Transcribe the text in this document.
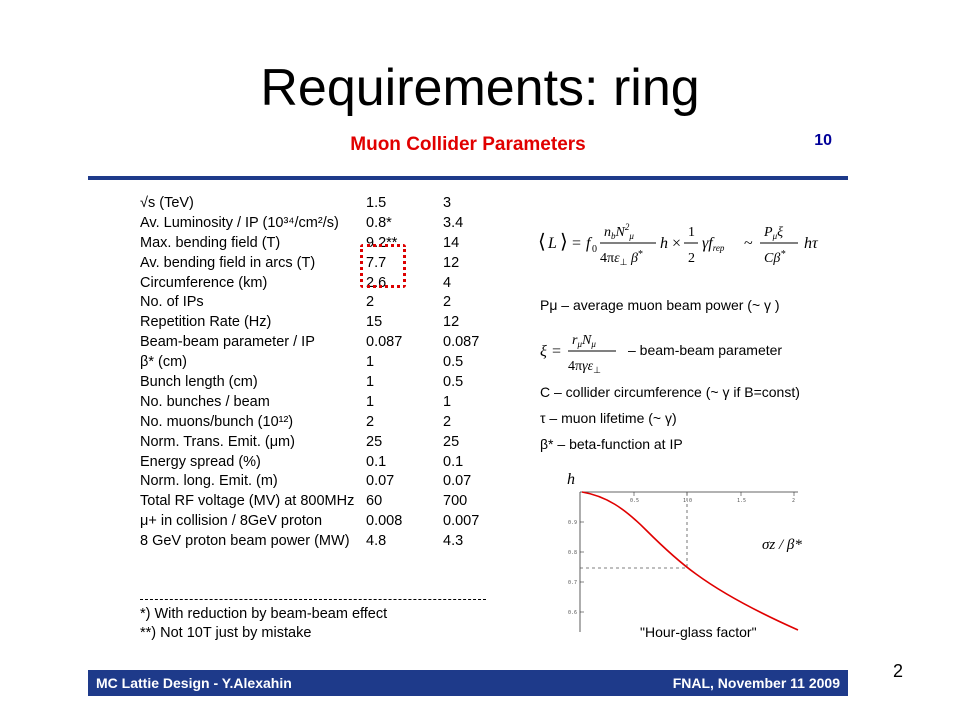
Requirements: ring
Muon Collider Parameters	10
√s (TeV)	1.5	3
Av. Luminosity / IP (10³⁴/cm²/s) 0.8*	3.4
Max. bending field (T)	9.2**	14
Av. bending field in arcs (T)	7.7	12
Circumference (km)	2.6	4
No. of IPs	2	2
Repetition Rate (Hz)	15	12
Beam-beam parameter / IP	0.087	0.087
β* (cm)	1	0.5
Bunch length (cm)	1	0.5
No. bunches / beam	1	1
No. muons/bunch (10¹²)	2	2
Norm. Trans. Emit. (μm)	25	25
Energy spread (%)	0.1	0.1
Norm. long. Emit. (m)	0.07	0.07
Total RF voltage (MV) at 800MHz 60	700
μ+ in collision / 8GeV proton	0.008	0.007
8 GeV proton beam power (MW) 4.8	4.3
*) With reduction by beam-beam effect
**) Not 10T just by mistake
⟨ L ⟩ = f 0
$n_bN^2_\mu$
$4\pi\varepsilon_\perp$ β*
h ×
1
2
γfrep ~
$P_\mu\xi$
Cβ*
hτ
Pμ – average muon beam power (~ γ )
ξ =
$r_\mu N_\mu$
4πγε$_\perp$
– beam-beam parameter
C – collider circumference (~ γ if B=const)
τ – muon lifetime (~ γ)
β* – beta-function at IP
h
0.5	1.0	1.5	2
0.9
0.8
0.7
0.6
σz / β*
"Hour-glass factor"
MC Lattie Design - Y.Alexahin	FNAL, November 11 2009
2
